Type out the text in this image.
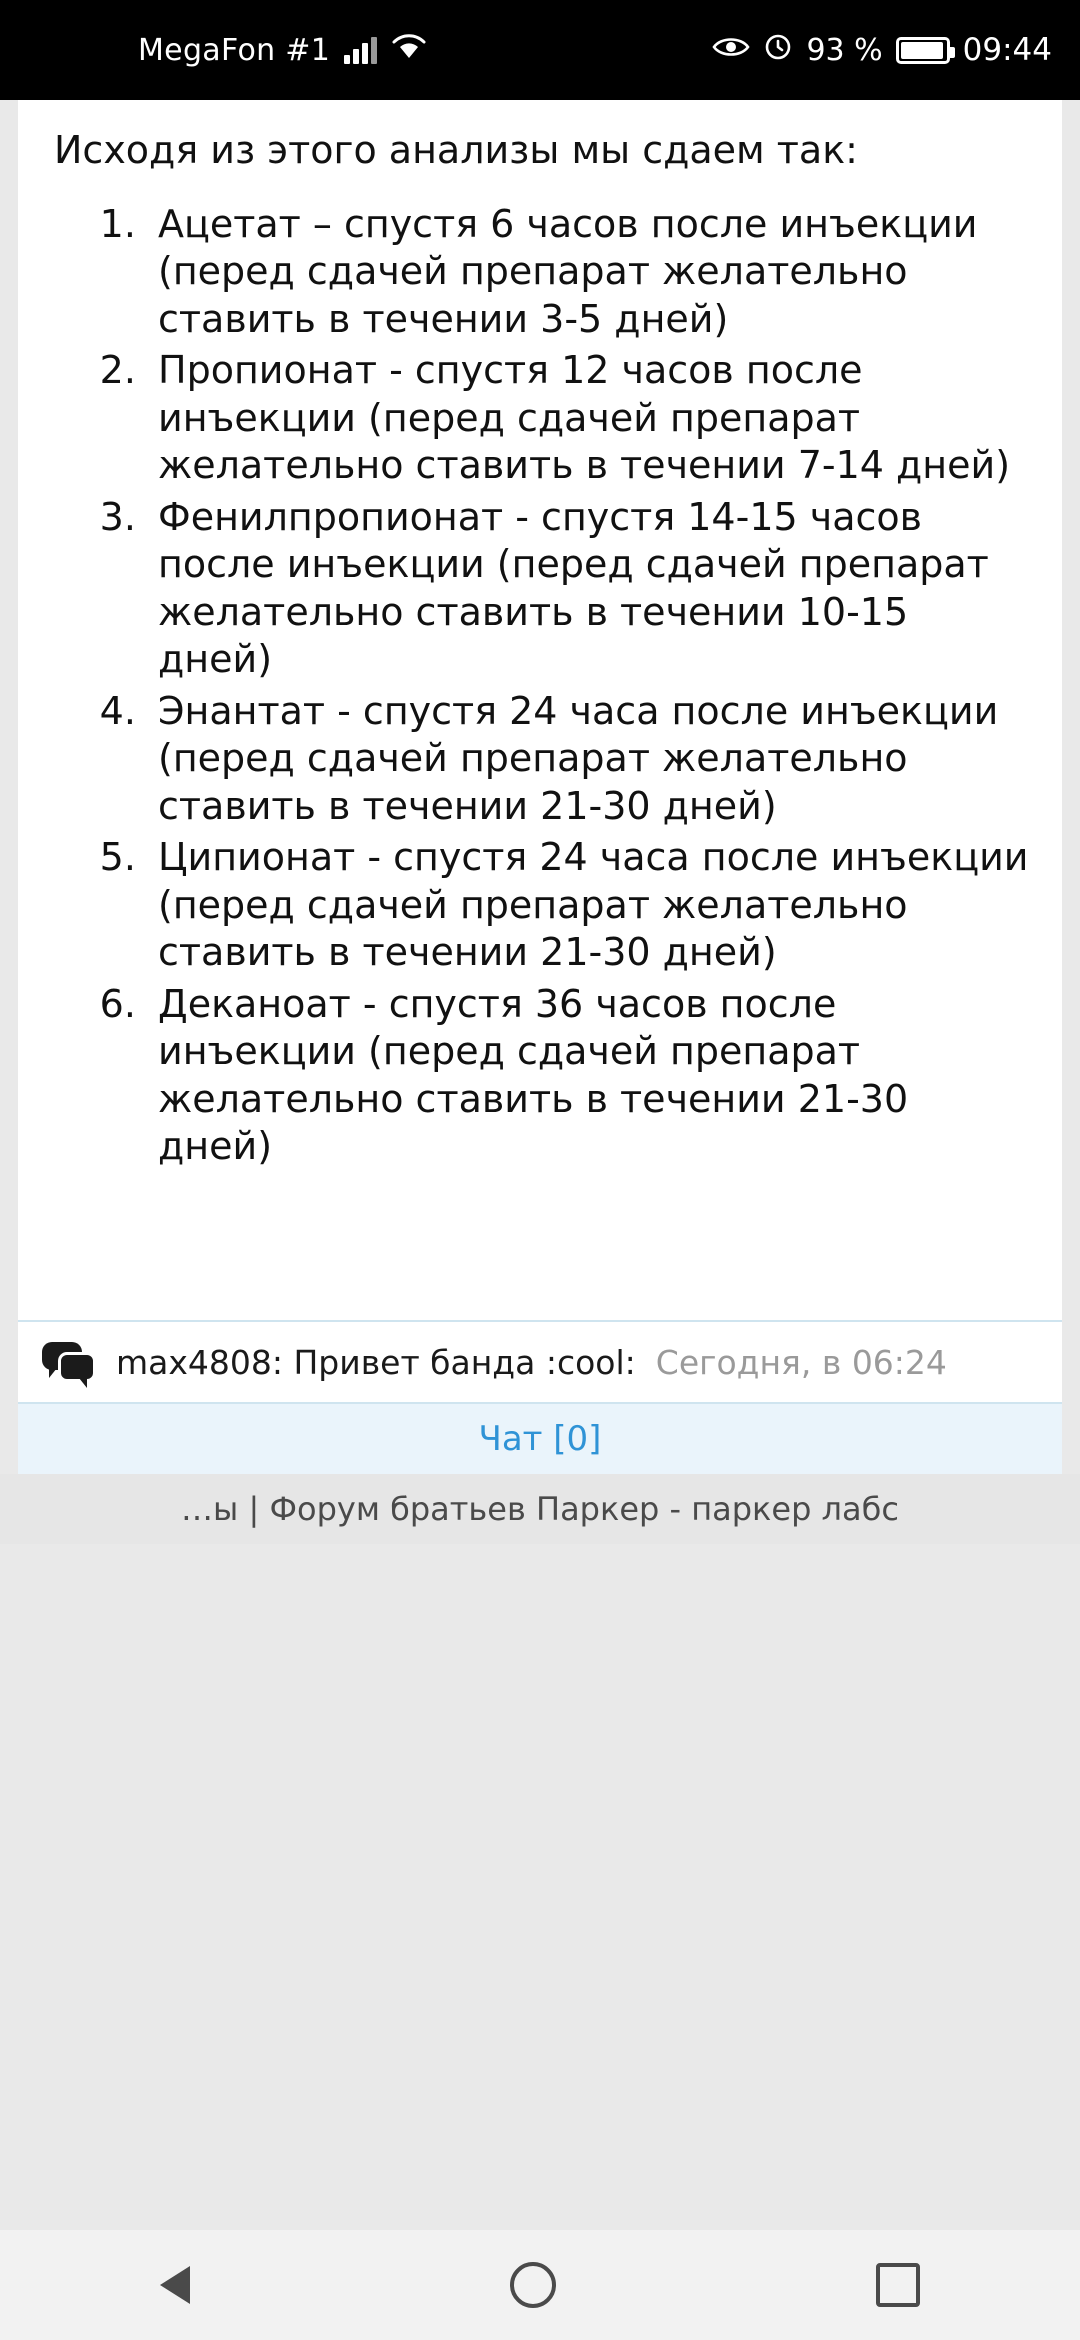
MegaFon #1	93 %	09:44

Исходя из этого анализы мы сдаем так:

1. Ацетат – спустя 6 часов после инъекции (перед сдачей препарат желательно ставить в течении 3-5 дней)
2. Пропионат - спустя 12 часов после инъекции (перед сдачей препарат желательно ставить в течении 7-14 дней)
3. Фенилпропионат - спустя 14-15 часов после инъекции (перед сдачей препарат желательно ставить в течении 10-15 дней)
4. Энантат - спустя 24 часа после инъекции (перед сдачей препарат желательно ставить в течении 21-30 дней)
5. Ципионат - спустя 24 часа после инъекции (перед сдачей препарат желательно ставить в течении 21-30 дней)
6. Деканоат - спустя 36 часов после инъекции (перед сдачей препарат желательно ставить в течении 21-30 дней)
max4808: Привет банда :cool: Сегодня, в 06:24
Чат [0]
…ы | Форум братьев Паркер - паркер лабс
